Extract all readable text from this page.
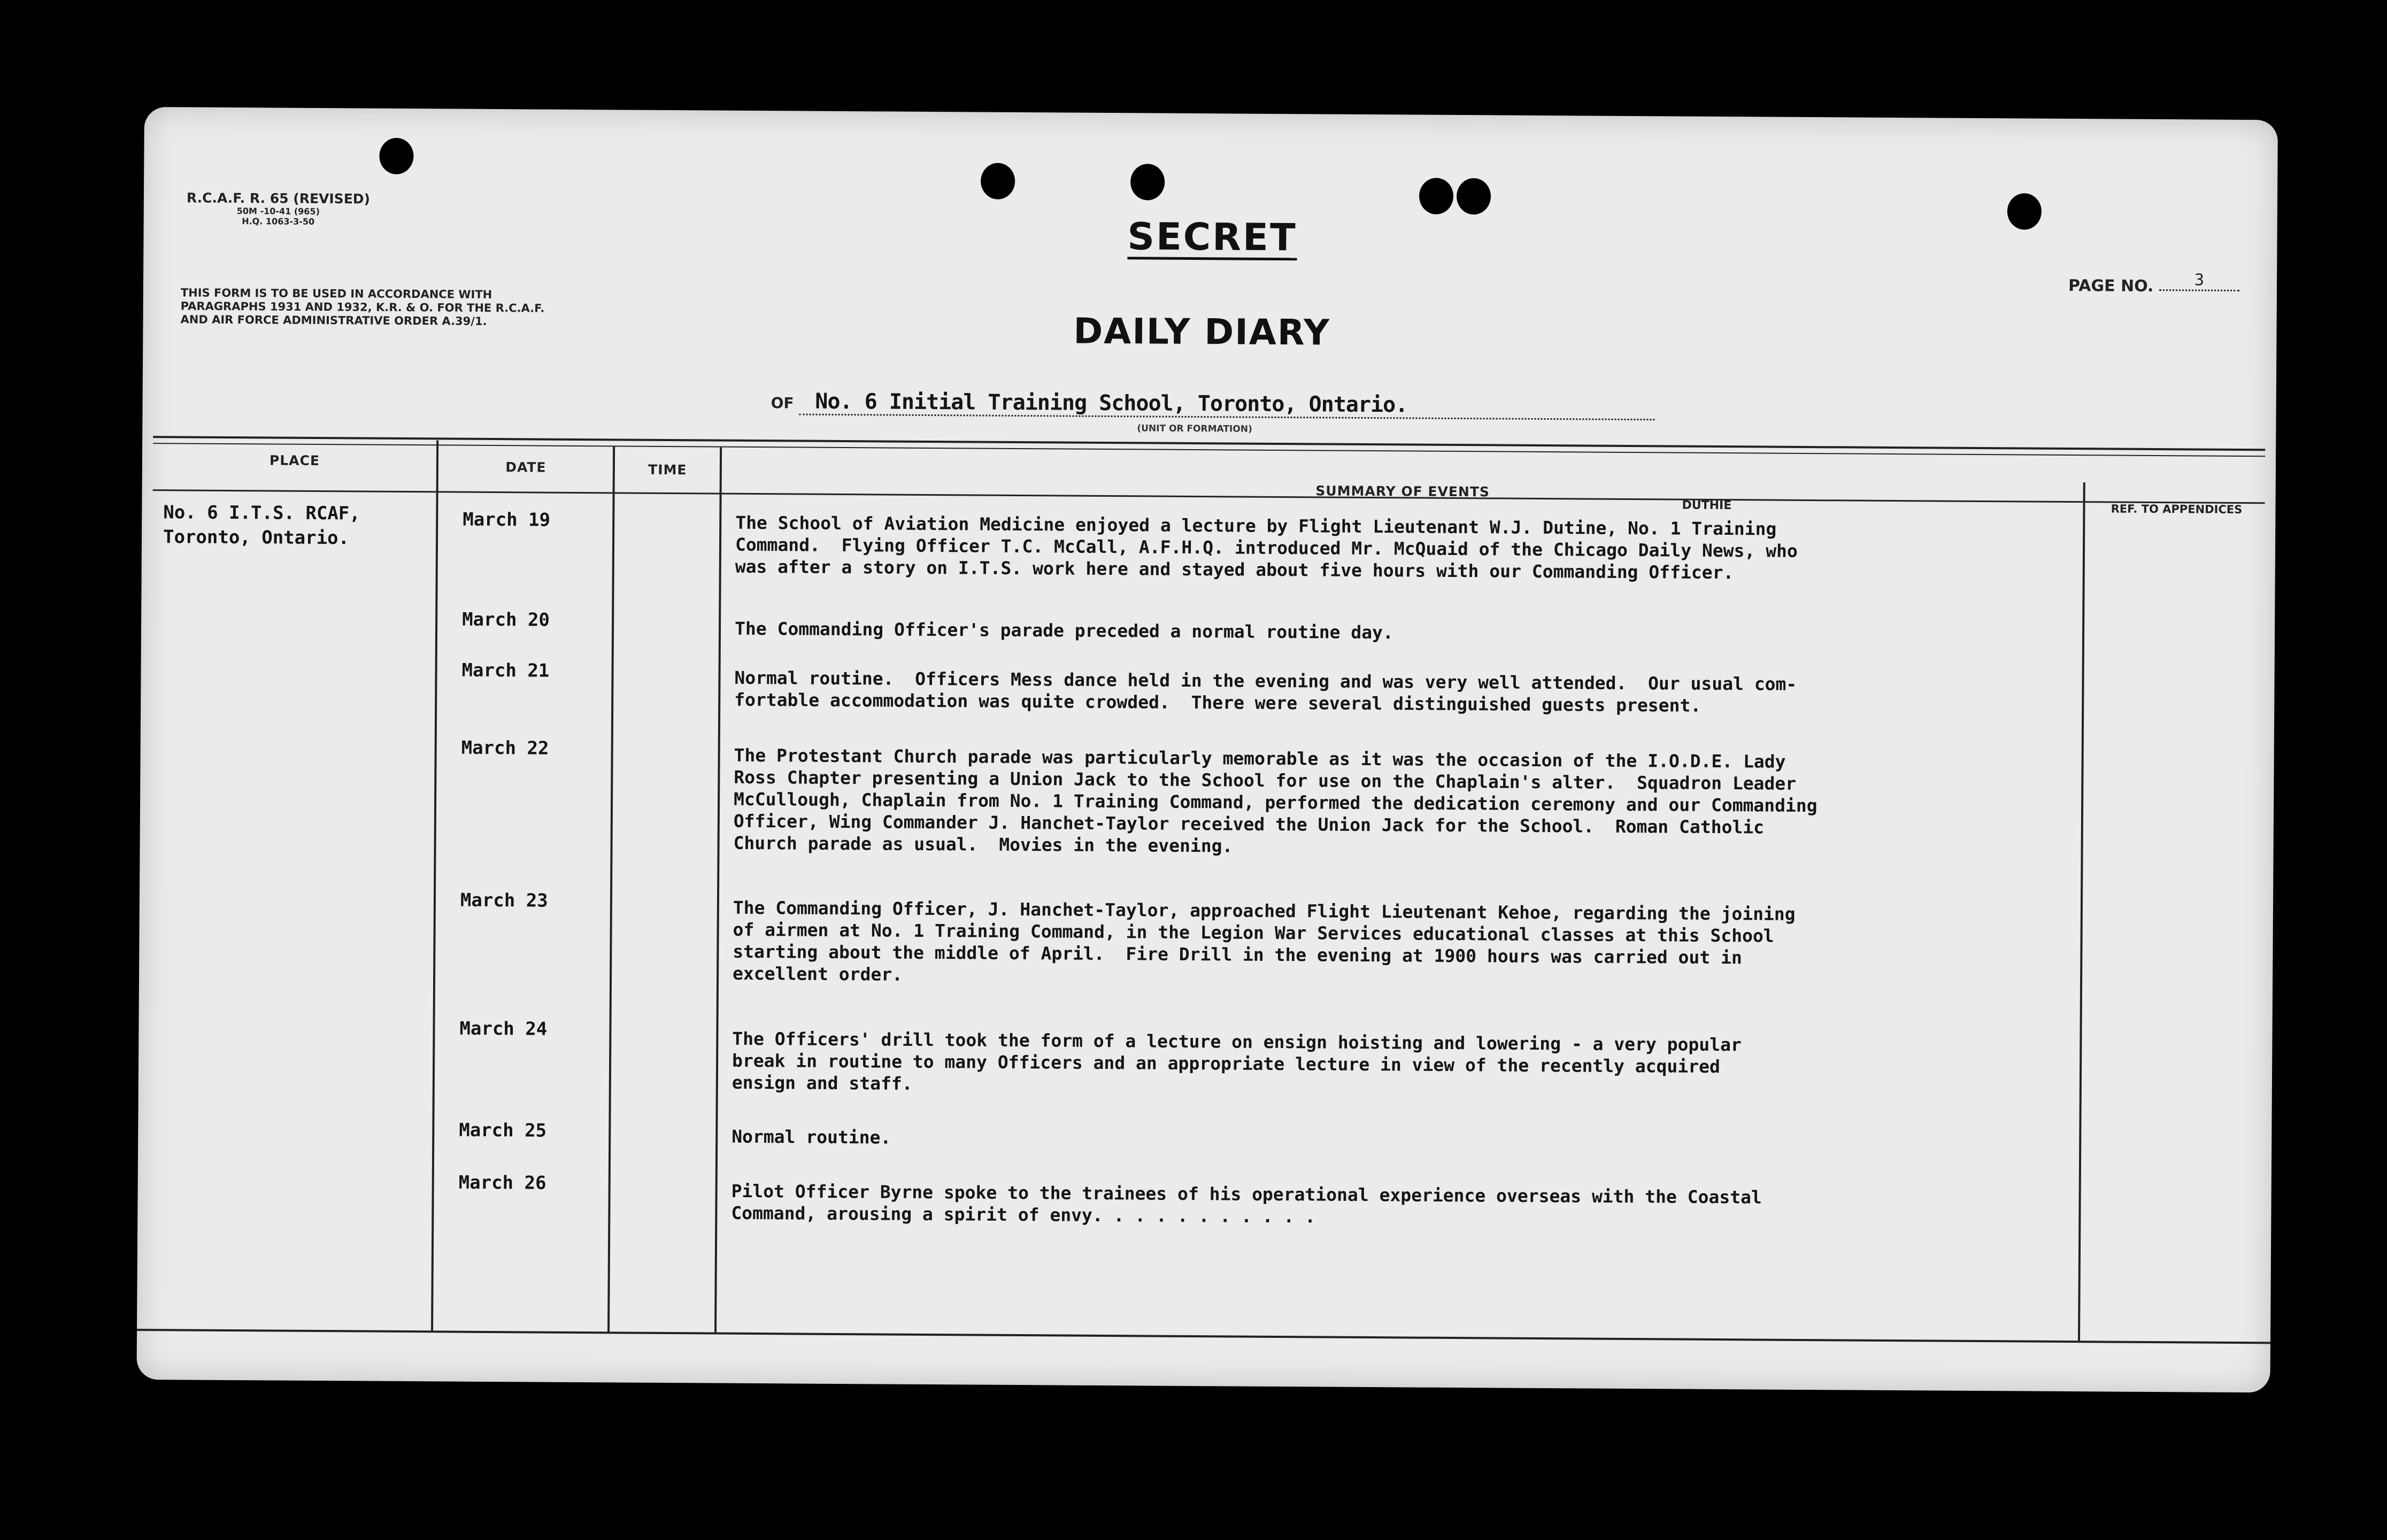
R.C.A.F. R. 65 (REVISED)
50M -10-41 (965)
H.Q. 1063-3-50
THIS FORM IS TO BE USED IN ACCORDANCE WITH PARAGRAPHS 1931 AND 1932, K.R. & O. FOR THE R.C.A.F. AND AIR FORCE ADMINISTRATIVE ORDER A.39/1.
SECRET
DAILY DIARY
PAGE NO.	3
OF No. 6 Initial Training School, Toronto, Ontario.
(UNIT OR FORMATION)
PLACE	DATE	TIME
SUMMARY OF EVENTS
REF. TO APPENDICES
No. 6 I.T.S. RCAF,
Toronto, Ontario.
DUTHIE
March 19	The School of Aviation Medicine enjoyed a lecture by Flight Lieutenant W.J. Dutine, No. 1 Training
Command.  Flying Officer T.C. McCall, A.F.H.Q. introduced Mr. McQuaid of the Chicago Daily News, who
was after a story on I.T.S. work here and stayed about five hours with our Commanding Officer.
March 20	The Commanding Officer's parade preceded a normal routine day.
March 21	Normal routine.  Officers Mess dance held in the evening and was very well attended.  Our usual com-
fortable accommodation was quite crowded.  There were several distinguished guests present.
March 22	The Protestant Church parade was particularly memorable as it was the occasion of the I.O.D.E. Lady
Ross Chapter presenting a Union Jack to the School for use on the Chaplain's alter.  Squadron Leader
McCullough, Chaplain from No. 1 Training Command, performed the dedication ceremony and our Commanding
Officer, Wing Commander J. Hanchet-Taylor received the Union Jack for the School.  Roman Catholic
Church parade as usual.  Movies in the evening.
March 23	The Commanding Officer, J. Hanchet-Taylor, approached Flight Lieutenant Kehoe, regarding the joining
of airmen at No. 1 Training Command, in the Legion War Services educational classes at this School
starting about the middle of April.  Fire Drill in the evening at 1900 hours was carried out in
excellent order.
March 24	The Officers' drill took the form of a lecture on ensign hoisting and lowering - a very popular
break in routine to many Officers and an appropriate lecture in view of the recently acquired
ensign and staff.
March 25	Normal routine.
March 26	Pilot Officer Byrne spoke to the trainees of his operational experience overseas with the Coastal
Command, arousing a spirit of envy. . . . . . . . . . .
